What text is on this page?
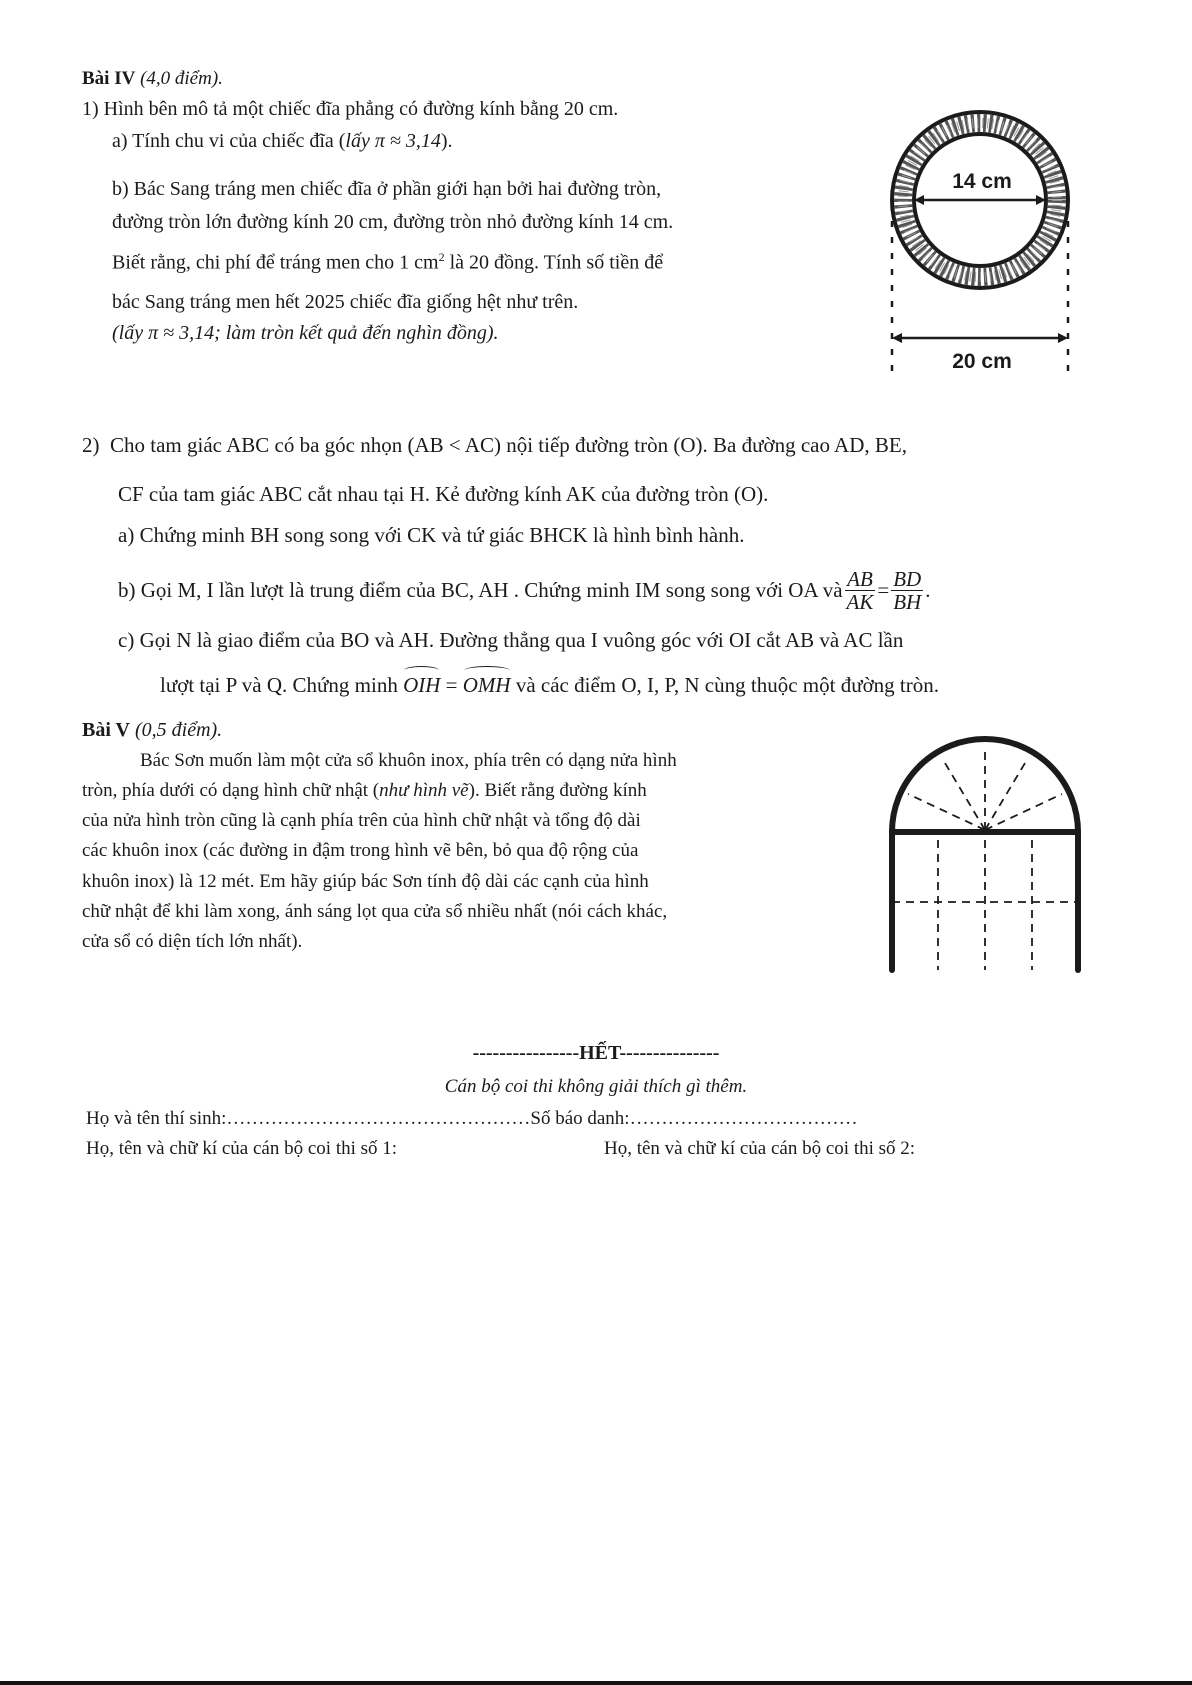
Bài IV (4,0 điểm).
1) Hình bên mô tả một chiếc đĩa phẳng có đường kính bằng 20 cm.
a) Tính chu vi của chiếc đĩa (lấy π ≈ 3,14).
b) Bác Sang tráng men chiếc đĩa ở phần giới hạn bởi hai đường tròn,
đường tròn lớn đường kính 20 cm, đường tròn nhỏ đường kính 14 cm.
Biết rằng, chi phí để tráng men cho 1 $cm^2$ là 20 đồng. Tính số tiền để
bác Sang tráng men hết 2025 chiếc đĩa giống hệt như trên.
(lấy π ≈ 3,14; làm tròn kết quả đến nghìn đồng).
14 cm
20 cm
2) Cho tam giác ABC có ba góc nhọn (AB < AC) nội tiếp đường tròn (O). Ba đường cao AD, BE,
CF của tam giác ABC cắt nhau tại H. Kẻ đường kính AK của đường tròn (O).
a) Chứng minh BH song song với CK và tứ giác BHCK là hình bình hành.
b) Gọi M, I lần lượt là trung điểm của BC, AH . Chứng minh IM song song với OA và $\frac{AB}{AK} = \frac{BD}{BH}$ .
c) Gọi N là giao điểm của BO và AH. Đường thẳng qua I vuông góc với OI cắt AB và AC lần
lượt tại P và Q. Chứng minh OIH = OMH và các điểm O, I, P, N cùng thuộc một đường tròn.
Bài V (0,5 điểm).
Bác Sơn muốn làm một cửa sổ khuôn inox, phía trên có dạng nửa hình
tròn, phía dưới có dạng hình chữ nhật (như hình vẽ). Biết rằng đường kính
của nửa hình tròn cũng là cạnh phía trên của hình chữ nhật và tổng độ dài
các khuôn inox (các đường in đậm trong hình vẽ bên, bỏ qua độ rộng của
khuôn inox) là 12 mét. Em hãy giúp bác Sơn tính độ dài các cạnh của hình
chữ nhật để khi làm xong, ánh sáng lọt qua cửa sổ nhiều nhất (nói cách khác,
cửa sổ có diện tích lớn nhất).
----------------HẾT---------------
Cán bộ coi thi không giải thích gì thêm.
Họ và tên thí sinh:…………………………………………Số báo danh:………………………………
Họ, tên và chữ kí của cán bộ coi thi số 1:	Họ, tên và chữ kí của cán bộ coi thi số 2:
